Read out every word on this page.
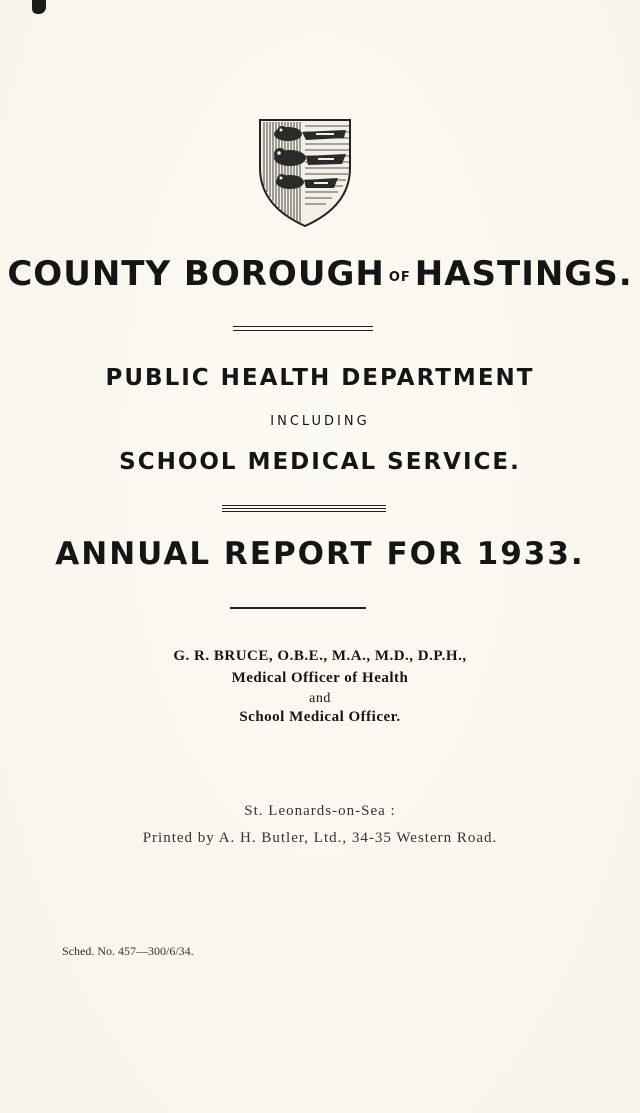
COUNTY BOROUGH OF HASTINGS.
PUBLIC HEALTH DEPARTMENT
INCLUDING
SCHOOL MEDICAL SERVICE.
ANNUAL REPORT FOR 1933.
G. R. BRUCE, O.B.E., M.A., M.D., D.P.H.,
Medical Officer of Health
and
School Medical Officer.
St. Leonards-on-Sea :
Printed by A. H. Butler, Ltd., 34-35 Western Road.
Sched. No. 457—300/6/34.
